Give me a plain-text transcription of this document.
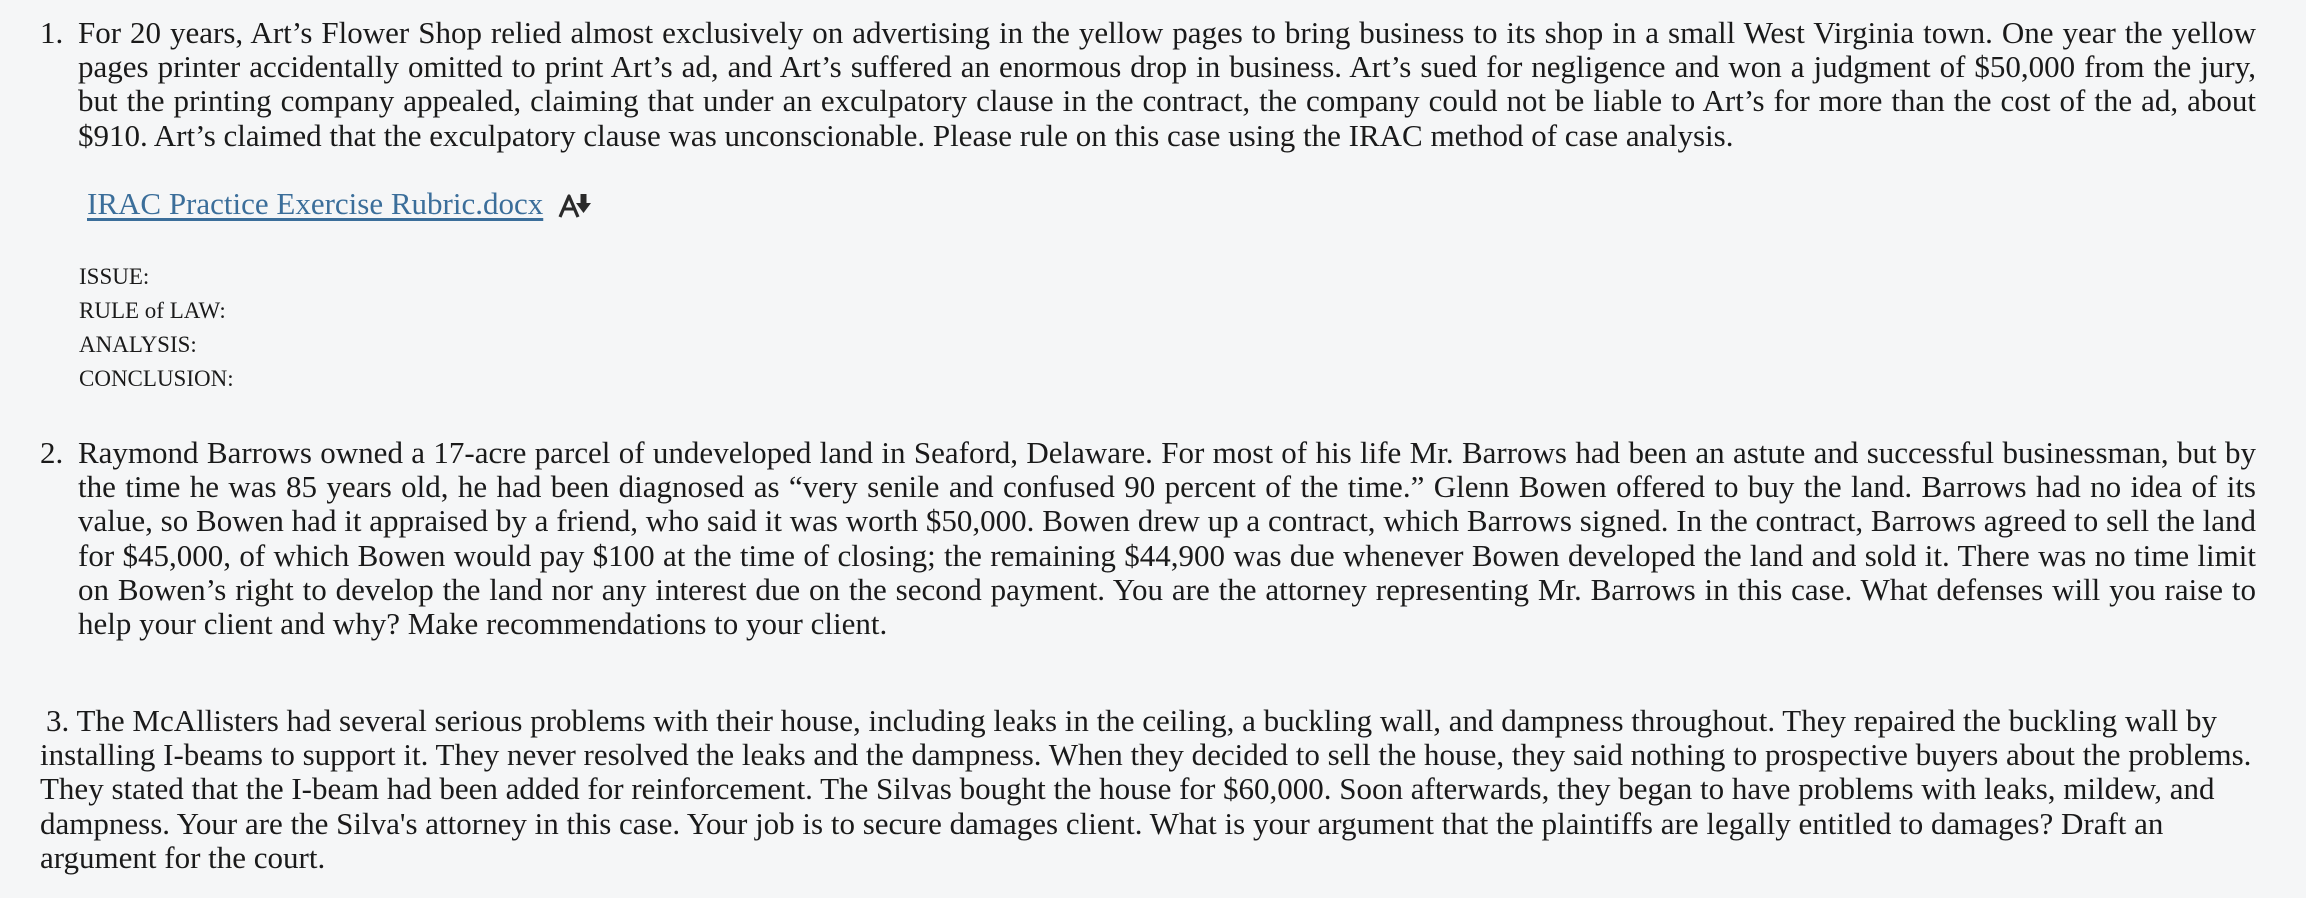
1. For 20 years, Art’s Flower Shop relied almost exclusively on advertising in the yellow pages to bring business to its shop in a small West Virginia town. One year the yellow pages printer accidentally omitted to print Art’s ad, and Art’s suffered an enormous drop in business. Art’s sued for negligence and won a judgment of $50,000 from the jury, but the printing company appealed, claiming that under an exculpatory clause in the contract, the company could not be liable to Art’s for more than the cost of the ad, about $910. Art’s claimed that the exculpatory clause was unconscionable. Please rule on this case using the IRAC method of case analysis.
IRAC Practice Exercise Rubric.docx
ISSUE:
RULE of LAW:
ANALYSIS:
CONCLUSION:
2. Raymond Barrows owned a 17-acre parcel of undeveloped land in Seaford, Delaware. For most of his life Mr. Barrows had been an astute and successful businessman, but by the time he was 85 years old, he had been diagnosed as “very senile and confused 90 percent of the time.” Glenn Bowen offered to buy the land. Barrows had no idea of its value, so Bowen had it appraised by a friend, who said it was worth $50,000. Bowen drew up a contract, which Barrows signed. In the contract, Barrows agreed to sell the land for $45,000, of which Bowen would pay $100 at the time of closing; the remaining $44,900 was due whenever Bowen developed the land and sold it. There was no time limit on Bowen’s right to develop the land nor any interest due on the second payment. You are the attorney representing Mr. Barrows in this case. What defenses will you raise to help your client and why? Make recommendations to your client.
3. The McAllisters had several serious problems with their house, including leaks in the ceiling, a buckling wall, and dampness throughout. They repaired the buckling wall by installing I-beams to support it. They never resolved the leaks and the dampness. When they decided to sell the house, they said nothing to prospective buyers about the problems. They stated that the I-beam had been added for reinforcement. The Silvas bought the house for $60,000. Soon afterwards, they began to have problems with leaks, mildew, and dampness. Your are the Silva's attorney in this case. Your job is to secure damages client. What is your argument that the plaintiffs are legally entitled to damages? Draft an argument for the court.
